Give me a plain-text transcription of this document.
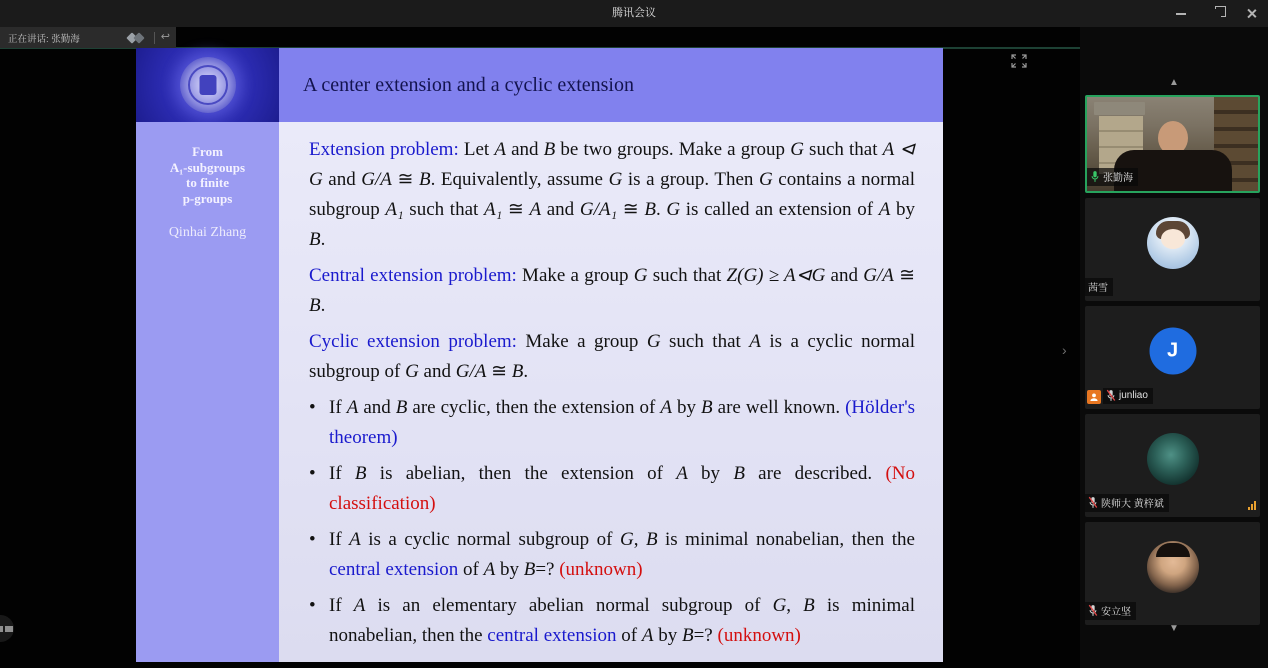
腾讯会议
正在讲话: 张勤海	↩
A center extension and a cyclic extension
From
A₁-subgroups
to finite
p-groups
Qinhai Zhang
Extension problem: Let A and B be two groups. Make a group G such that A ⊲ G and G/A ≅ B. Equivalently, assume G is a group. Then G contains a normal subgroup A₁ such that A₁ ≅ A and G/A₁ ≅ B. G is called an extension of A by B.
Central extension problem: Make a group G such that Z(G) ≥ A⊲G and G/A ≅ B.
Cyclic extension problem: Make a group G such that A is a cyclic normal subgroup of G and G/A ≅ B.
• If A and B are cyclic, then the extension of A by B are well known. (Hölder's theorem)
• If B is abelian, then the extension of A by B are described. (No classification)
• If A is a cyclic normal subgroup of G, B is minimal nonabelian, then the central extension of A by B=? (unknown)
• If A is an elementary abelian normal subgroup of G, B is minimal nonabelian, then the central extension of A by B=? (unknown)
›
▲
张勤海
茜雪
J
junliao
陕师大 黄梓斌
安立坚
▼
